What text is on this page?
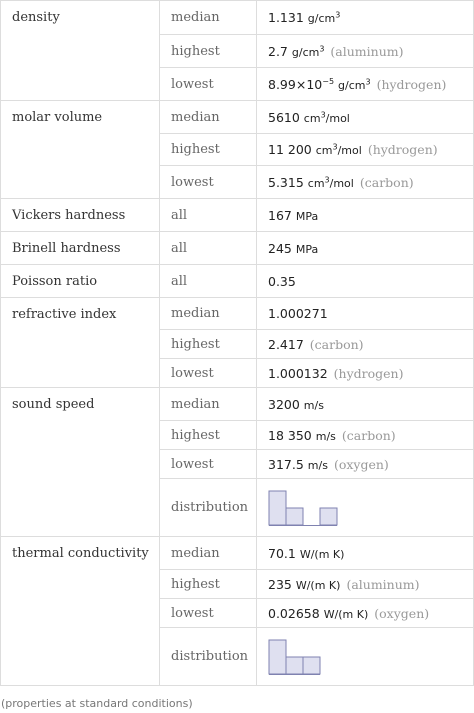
density	median	1.131 $g/cm^3$
	highest	2.7 $g/cm^3$ (aluminum)
	lowest	$8.99\times 10^{-5}$ $g/cm^3$ (hydrogen)
molar volume	median	5610 $cm^3$/mol
	highest	11 200 $cm^3$/mol (hydrogen)
	lowest	5.315 $cm^3$/mol (carbon)
Vickers hardness	all	167 MPa
Brinell hardness	all	245 MPa
Poisson ratio	all	0.35
refractive index	median	1.000271
	highest	2.417 (carbon)
	lowest	1.000132 (hydrogen)
sound speed	median	3200 m/s
	highest	18 350 m/s (carbon)
	lowest	317.5 m/s (oxygen)
	distribution	

thermal conductivity	median	70.1 W/(m K)
	highest	235 W/(m K) (aluminum)
	lowest	0.02658 W/(m K) (oxygen)
	distribution	
(properties at standard conditions)
